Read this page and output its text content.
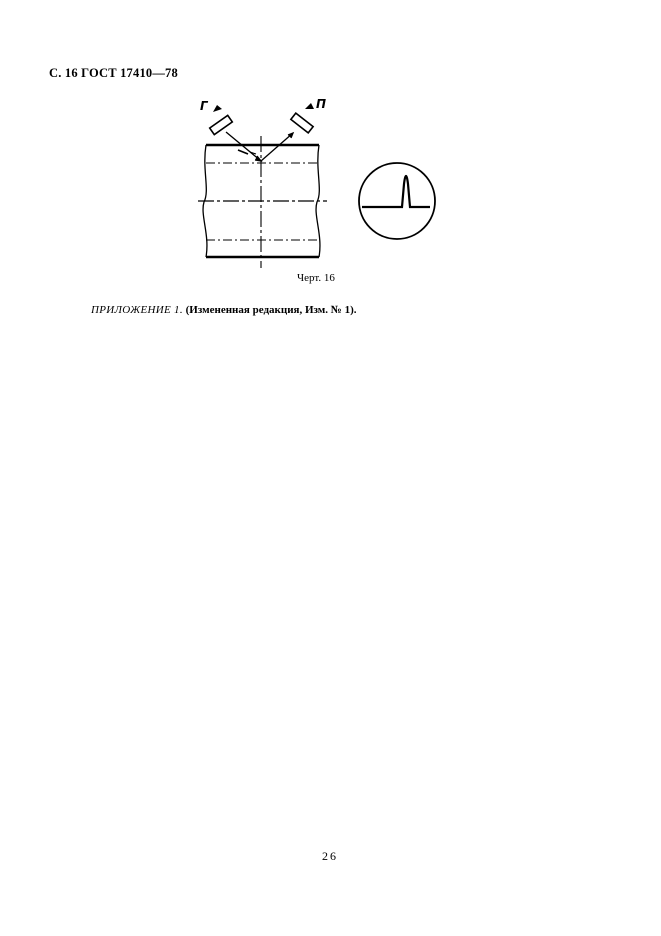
С. 16 ГОСТ 17410—78
Г	П
Черт. 16
ПРИЛОЖЕНИЕ 1. (Измененная редакция, Изм. № 1).
26
